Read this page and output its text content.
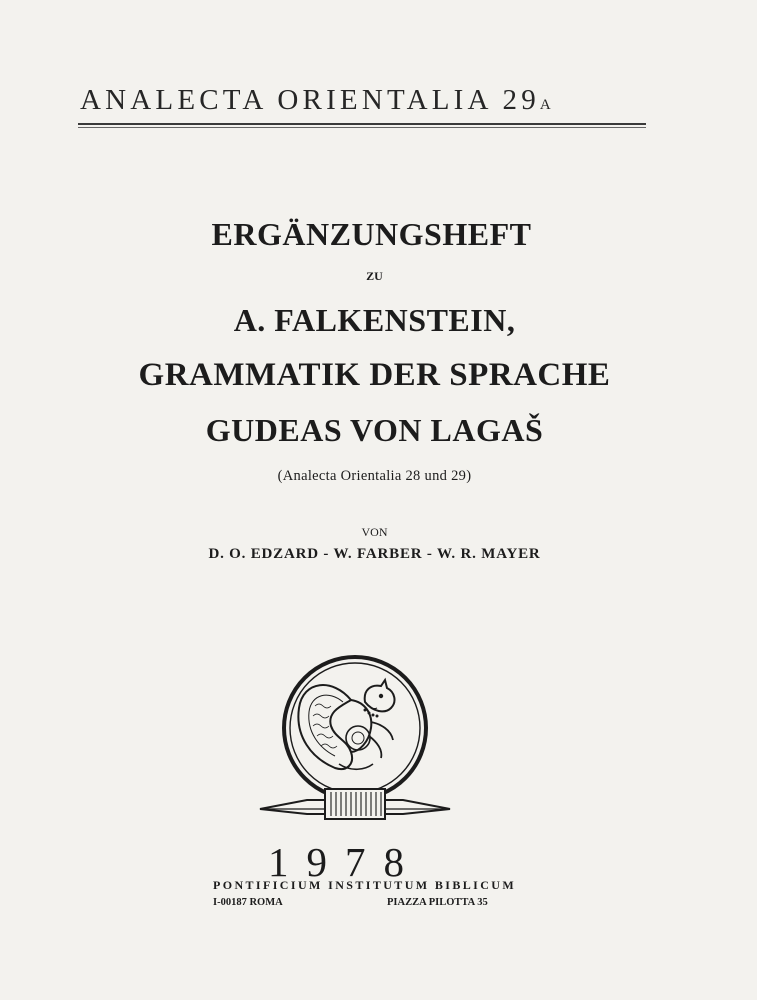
ANALECTA ORIENTALIA 29A
ERGÄNZUNGSHEFT
ZU
A. FALKENSTEIN,
GRAMMATIK DER SPRACHE
GUDEAS VON LAGAŠ
(Analecta Orientalia 28 und 29)
VON
D. O. EDZARD - W. FARBER - W. R. MAYER
1978
PONTIFICIUM INSTITUTUM BIBLICUM
I-00187 ROMA	PIAZZA PILOTTA 35
